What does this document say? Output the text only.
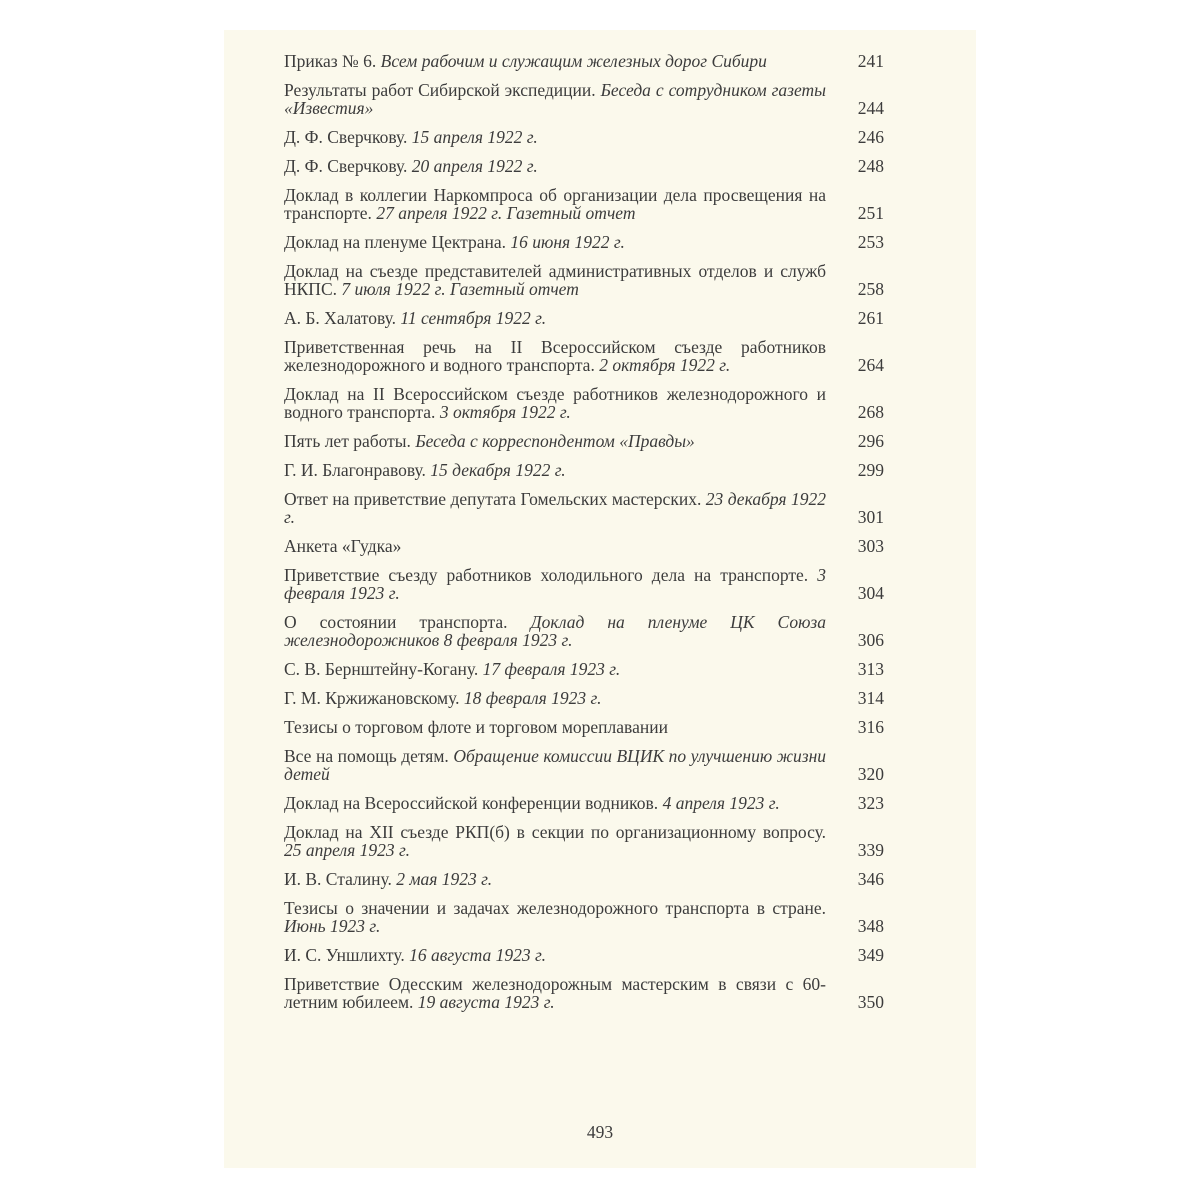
Приказ № 6. Всем рабочим и служащим железных дорог Сибири	241
Результаты работ Сибирской экспедиции. Беседа с сотрудником газеты «Известия»	244
Д. Ф. Сверчкову. 15 апреля 1922 г.	246
Д. Ф. Сверчкову. 20 апреля 1922 г.	248
Доклад в коллегии Наркомпроса об организации дела просвещения на транспорте. 27 апреля 1922 г. Газетный отчет	251
Доклад на пленуме Цектрана. 16 июня 1922 г.	253
Доклад на съезде представителей административных отделов и служб НКПС. 7 июля 1922 г. Газетный отчет	258
А. Б. Халатову. 11 сентября 1922 г.	261
Приветственная речь на II Всероссийском съезде работников железнодорожного и водного транспорта. 2 октября 1922 г.	264
Доклад на II Всероссийском съезде работников железнодорожного и водного транспорта. 3 октября 1922 г.	268
Пять лет работы. Беседа с корреспондентом «Правды»	296
Г. И. Благонравову. 15 декабря 1922 г.	299
Ответ на приветствие депутата Гомельских мастерских. 23 декабря 1922 г.	301
Анкета «Гудка»	303
Приветствие съезду работников холодильного дела на транспорте. 3 февраля 1923 г.	304
О состоянии транспорта. Доклад на пленуме ЦК Союза железнодорожников 8 февраля 1923 г.	306
С. В. Бернштейну-Когану. 17 февраля 1923 г.	313
Г. М. Кржижановскому. 18 февраля 1923 г.	314
Тезисы о торговом флоте и торговом мореплавании	316
Все на помощь детям. Обращение комиссии ВЦИК по улучшению жизни детей	320
Доклад на Всероссийской конференции водников. 4 апреля 1923 г.	323
Доклад на XII съезде РКП(б) в секции по организационному вопросу. 25 апреля 1923 г.	339
И. В. Сталину. 2 мая 1923 г.	346
Тезисы о значении и задачах железнодорожного транспорта в стране. Июнь 1923 г.	348
И. С. Уншлихту. 16 августа 1923 г.	349
Приветствие Одесским железнодорожным мастерским в связи с 60-летним юбилеем. 19 августа 1923 г.	350
493
